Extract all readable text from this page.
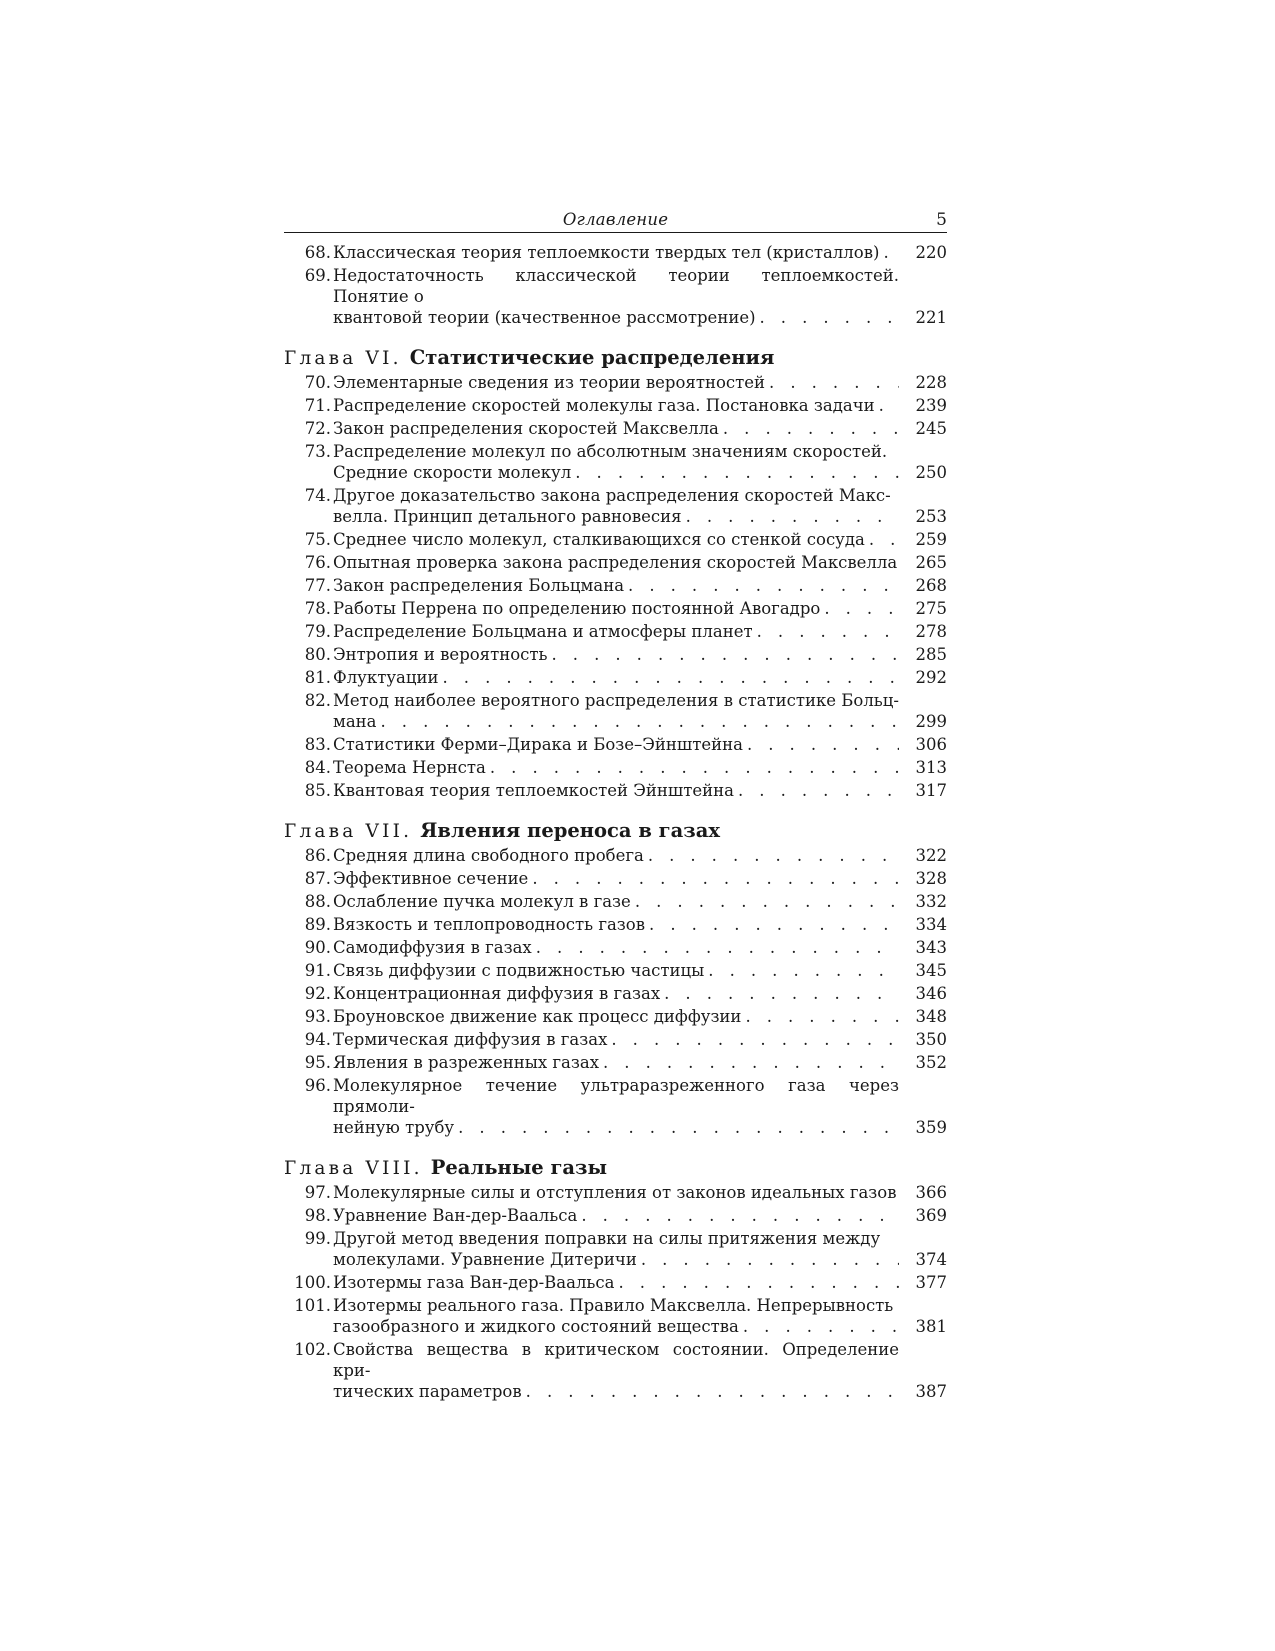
Оглавление	5
68. Классическая теория теплоемкости твердых тел (кристаллов) . . .	220
69. Недостаточность классической теории теплоемкостей. Понятие о
квантовой теории (качественное рассмотрение) . . .	221
Глава VI. Статистические распределения
70. Элементарные сведения из теории вероятностей . . .	228
71. Распределение скоростей молекулы газа. Постановка задачи . . .	239
72. Закон распределения скоростей Максвелла . . .	245
73. Распределение молекул по абсолютным значениям скоростей.
Средние скорости молекул . . .	250
74. Другое доказательство закона распределения скоростей Макс-
велла. Принцип детального равновесия . . .	253
75. Среднее число молекул, сталкивающихся со стенкой сосуда . . .	259
76. Опытная проверка закона распределения скоростей Максвелла . . .	265
77. Закон распределения Больцмана . . .	268
78. Работы Перрена по определению постоянной Авогадро . . .	275
79. Распределение Больцмана и атмосферы планет . . .	278
80. Энтропия и вероятность . . .	285
81. Флуктуации . . .	292
82. Метод наиболее вероятного распределения в статистике Больц-
мана . . .	299
83. Статистики Ферми–Дирака и Бозе–Эйнштейна . . .	306
84. Теорема Нернста . . .	313
85. Квантовая теория теплоемкостей Эйнштейна . . .	317
Глава VII. Явления переноса в газах
86. Средняя длина свободного пробега . . .	322
87. Эффективное сечение . . .	328
88. Ослабление пучка молекул в газе . . .	332
89. Вязкость и теплопроводность газов . . .	334
90. Самодиффузия в газах . . .	343
91. Связь диффузии с подвижностью частицы . . .	345
92. Концентрационная диффузия в газах . . .	346
93. Броуновское движение как процесс диффузии . . .	348
94. Термическая диффузия в газах . . .	350
95. Явления в разреженных газах . . .	352
96. Молекулярное течение ультраразреженного газа через прямоли-
нейную трубу . . .	359
Глава VIII. Реальные газы
97. Молекулярные силы и отступления от законов идеальных газов . . .	366
98. Уравнение Ван-дер-Ваальса . . .	369
99. Другой метод введения поправки на силы притяжения между
молекулами. Уравнение Дитеричи . . .	374
100. Изотермы газа Ван-дер-Ваальса . . .	377
101. Изотермы реального газа. Правило Максвелла. Непрерывность
газообразного и жидкого состояний вещества . . .	381
102. Свойства вещества в критическом состоянии. Определение кри-
тических параметров . . .	387
